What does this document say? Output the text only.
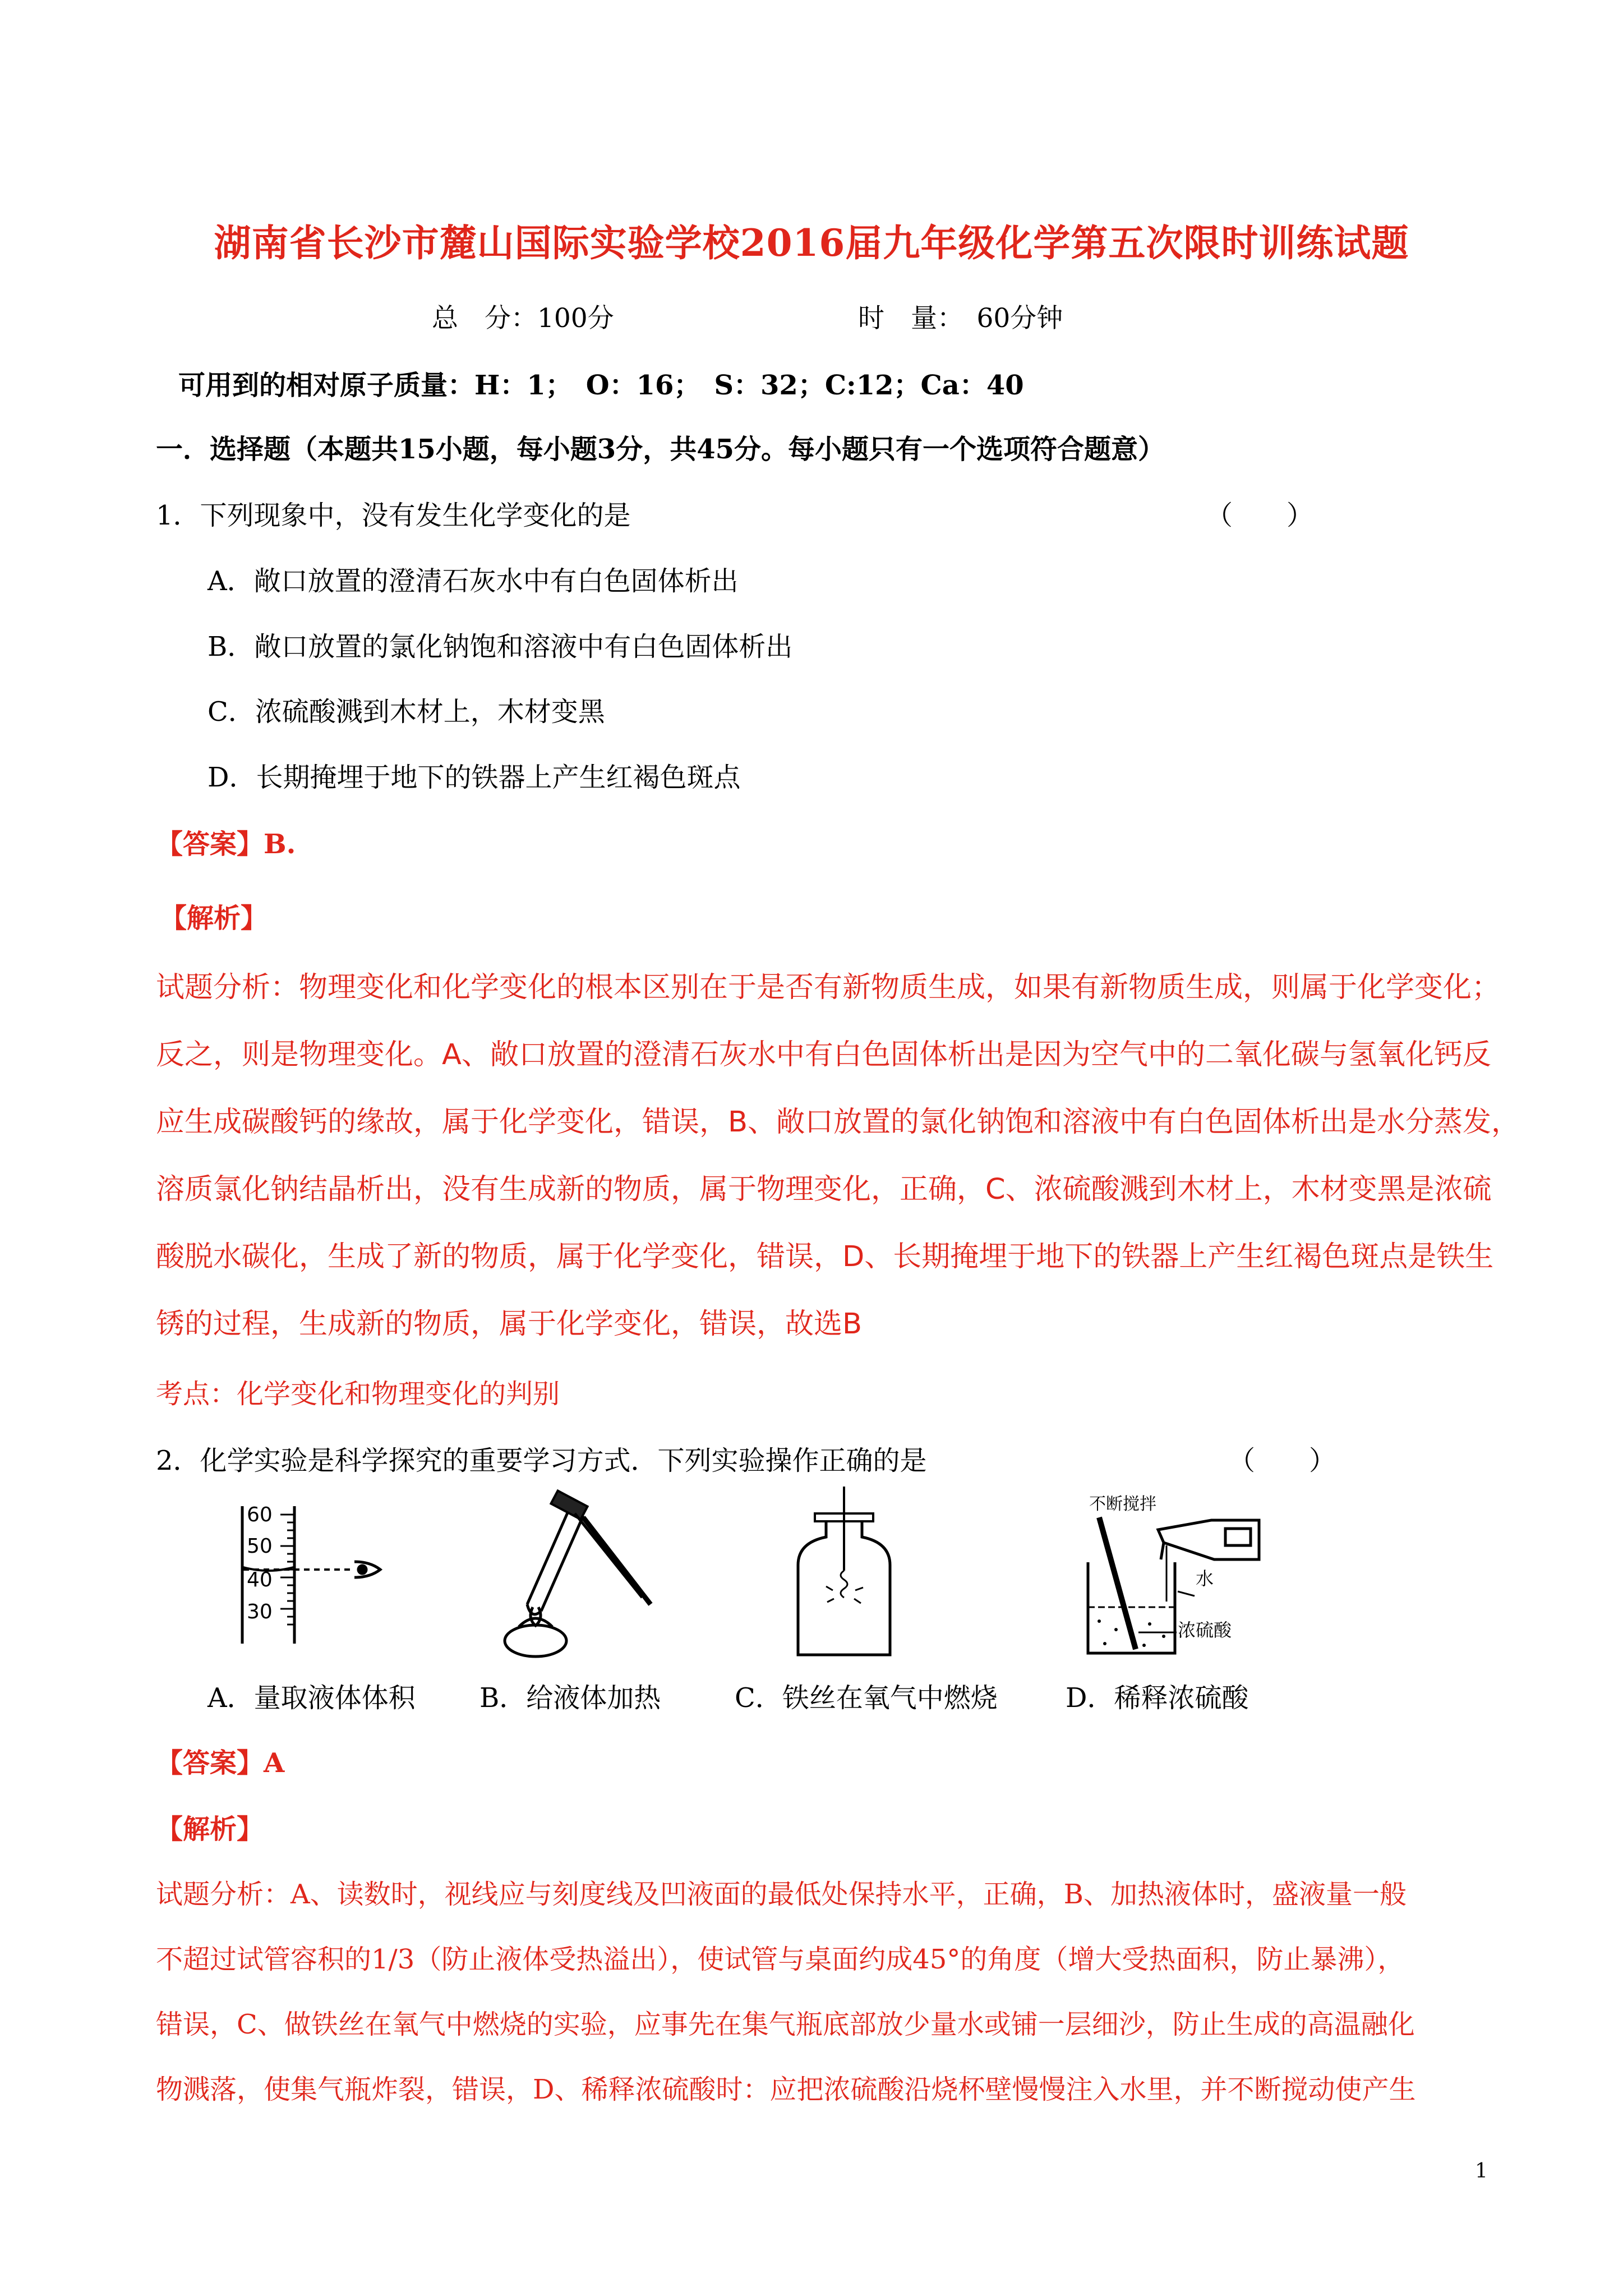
湖南省长沙市麓山国际实验学校2016届九年级化学第五次限时训练试题
总　分：100分	时　量：　60分钟
可用到的相对原子质量：H：1；　O：16；　S：32；C:12；Ca：40
一．选择题（本题共15小题，每小题3分，共45分。每小题只有一个选项符合题意）
1．下列现象中，没有发生化学变化的是	（　　）
A．敞口放置的澄清石灰水中有白色固体析出
B．敞口放置的氯化钠饱和溶液中有白色固体析出
C．浓硫酸溅到木材上，木材变黑
D．长期掩埋于地下的铁器上产生红褐色斑点
【答案】B.
【解析】
试题分析：物理变化和化学变化的根本区别在于是否有新物质生成，如果有新物质生成，则属于化学变化；
反之，则是物理变化。A、敞口放置的澄清石灰水中有白色固体析出是因为空气中的二氧化碳与氢氧化钙反
应生成碳酸钙的缘故，属于化学变化，错误，B、敞口放置的氯化钠饱和溶液中有白色固体析出是水分蒸发，
溶质氯化钠结晶析出，没有生成新的物质，属于物理变化，正确，C、浓硫酸溅到木材上，木材变黑是浓硫
酸脱水碳化，生成了新的物质，属于化学变化，错误，D、长期掩埋于地下的铁器上产生红褐色斑点是铁生
锈的过程，生成新的物质，属于化学变化，错误，故选B
考点：化学变化和物理变化的判别
2．化学实验是科学探究的重要学习方式．下列实验操作正确的是	（　　）
60
50
40
30
不断搅拌
水
浓硫酸
A．量取液体体积 B．给液体加热	C．铁丝在氧气中燃烧	D．稀释浓硫酸
【答案】A
【解析】
试题分析：A、读数时，视线应与刻度线及凹液面的最低处保持水平，正确，B、加热液体时，盛液量一般
不超过试管容积的1/3（防止液体受热溢出），使试管与桌面约成45°的角度（增大受热面积，防止暴沸），
错误，C、做铁丝在氧气中燃烧的实验，应事先在集气瓶底部放少量水或铺一层细沙，防止生成的高温融化
物溅落，使集气瓶炸裂，错误，D、稀释浓硫酸时：应把浓硫酸沿烧杯壁慢慢注入水里，并不断搅动使产生
1
